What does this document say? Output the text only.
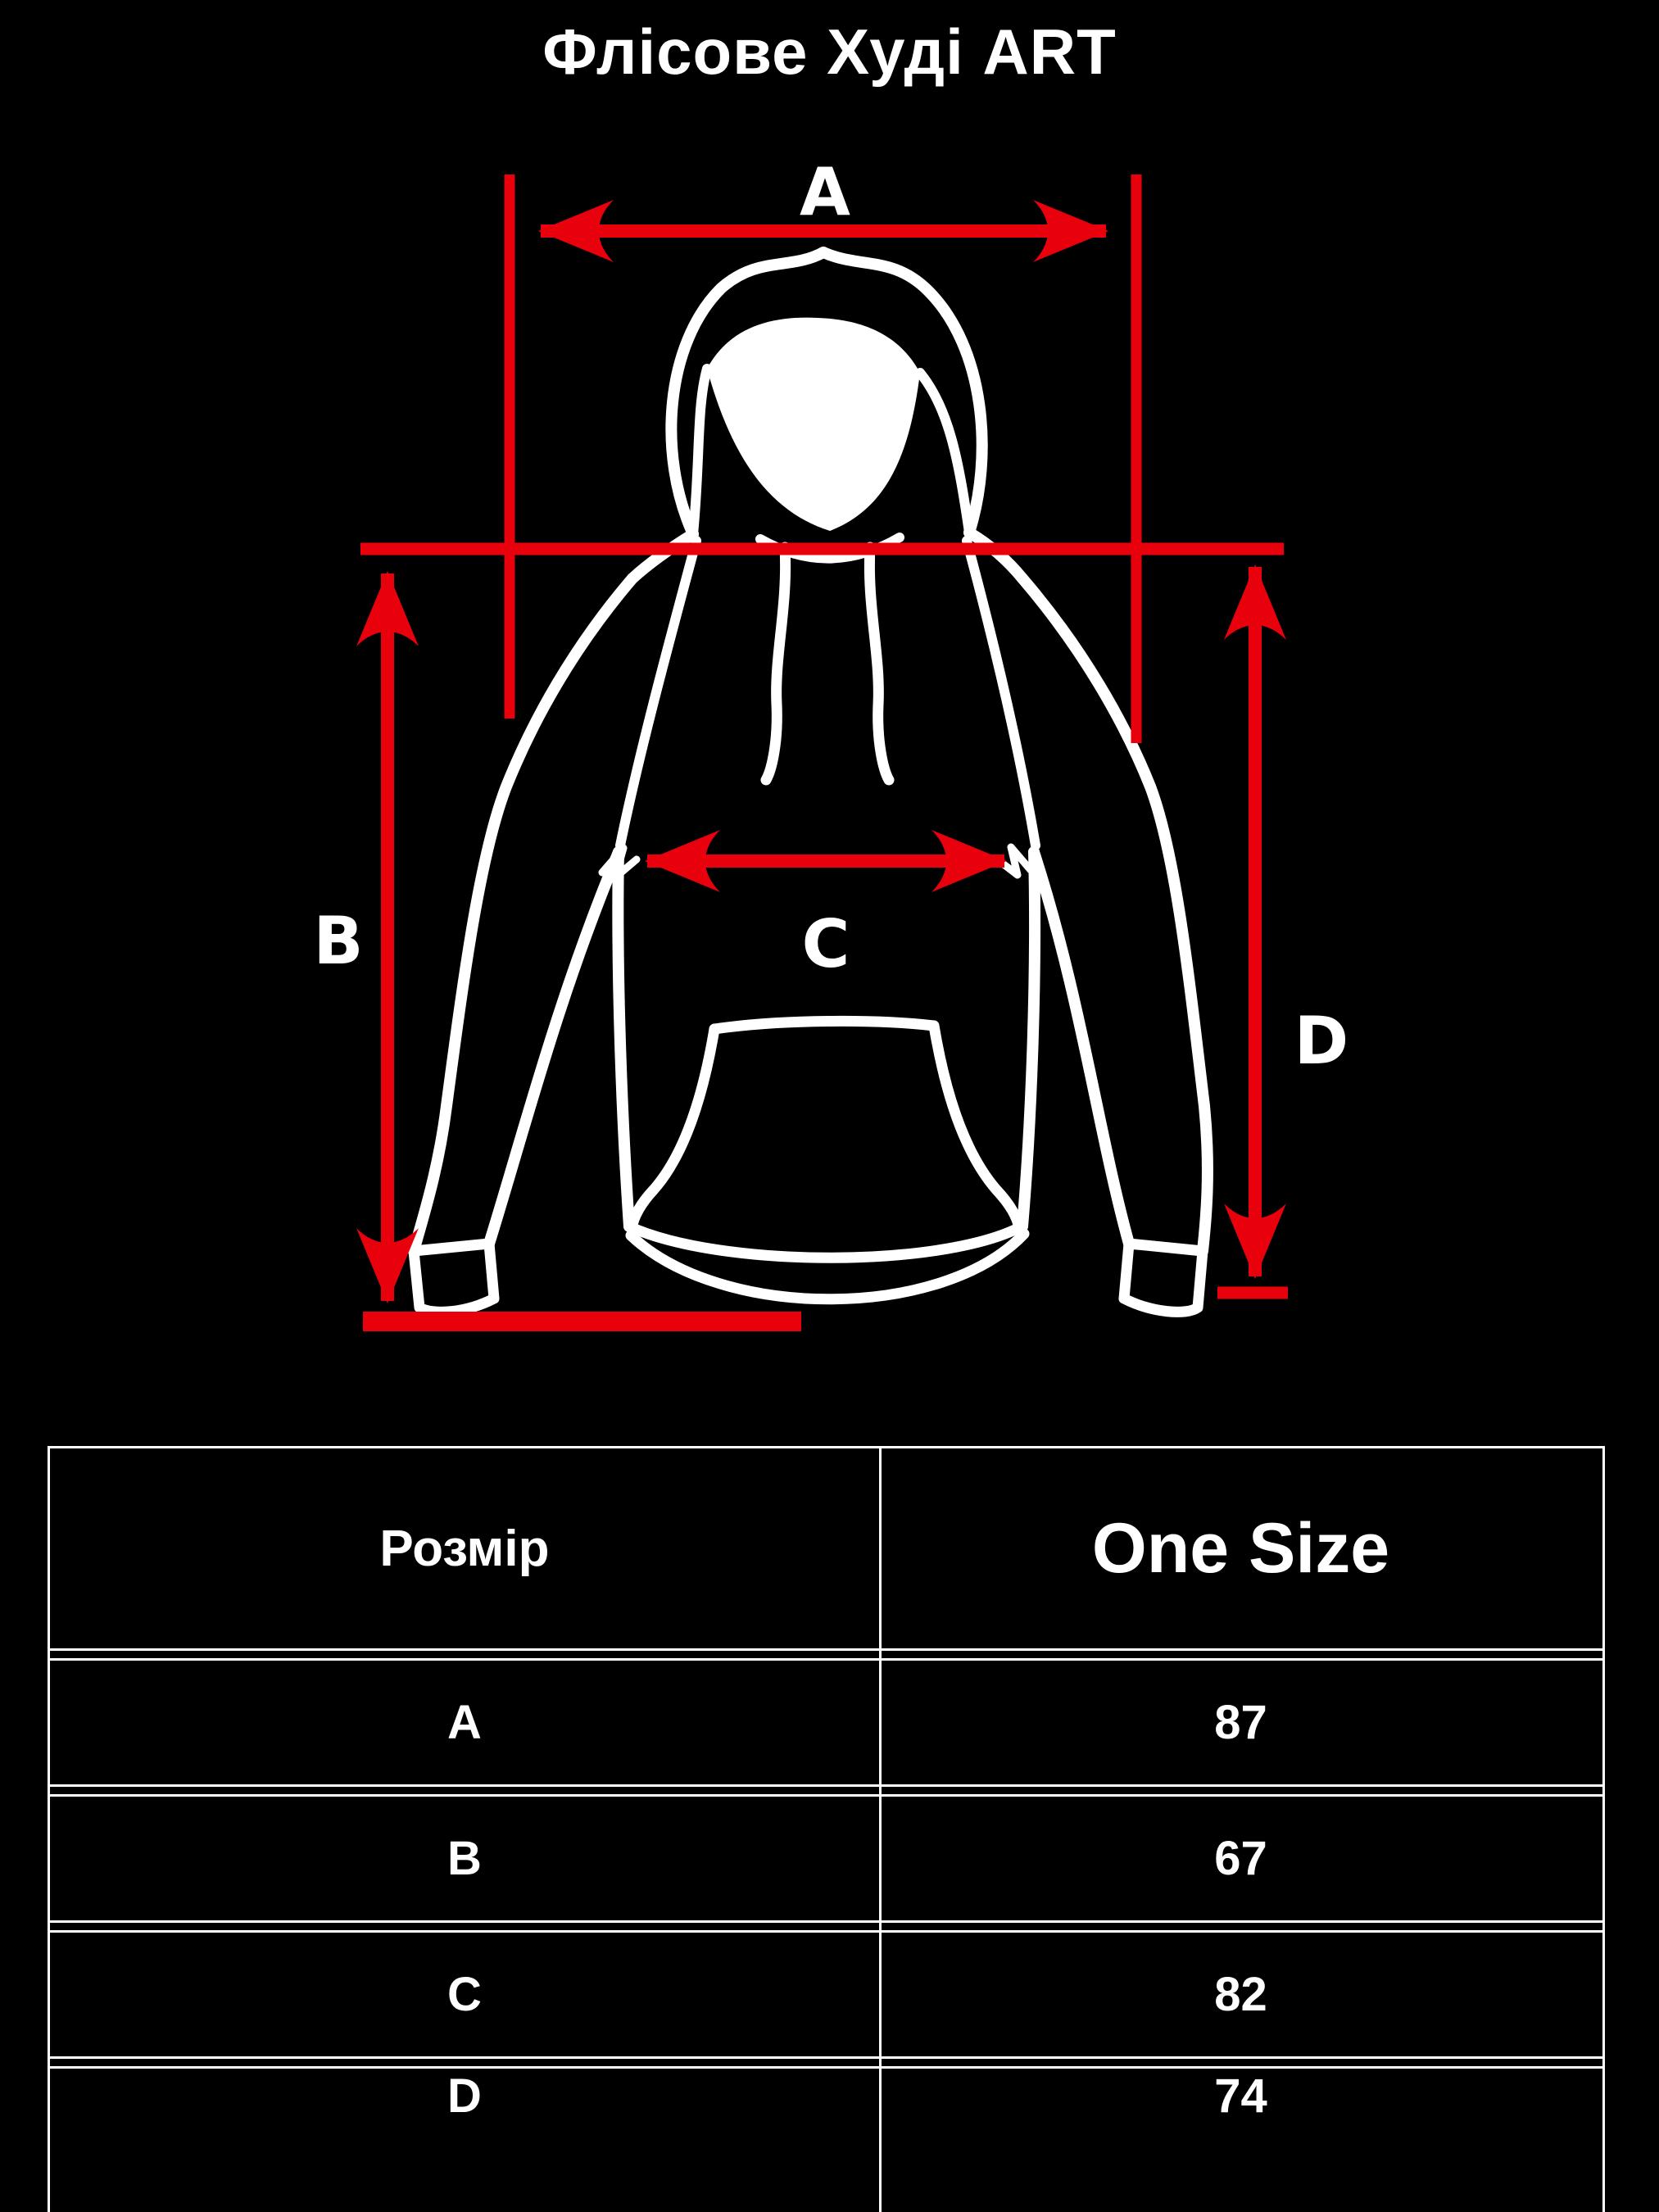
Флісове Худі ART
A
B	C
D
Розмір	One Size
A	87
B	67
C	82
D	74
